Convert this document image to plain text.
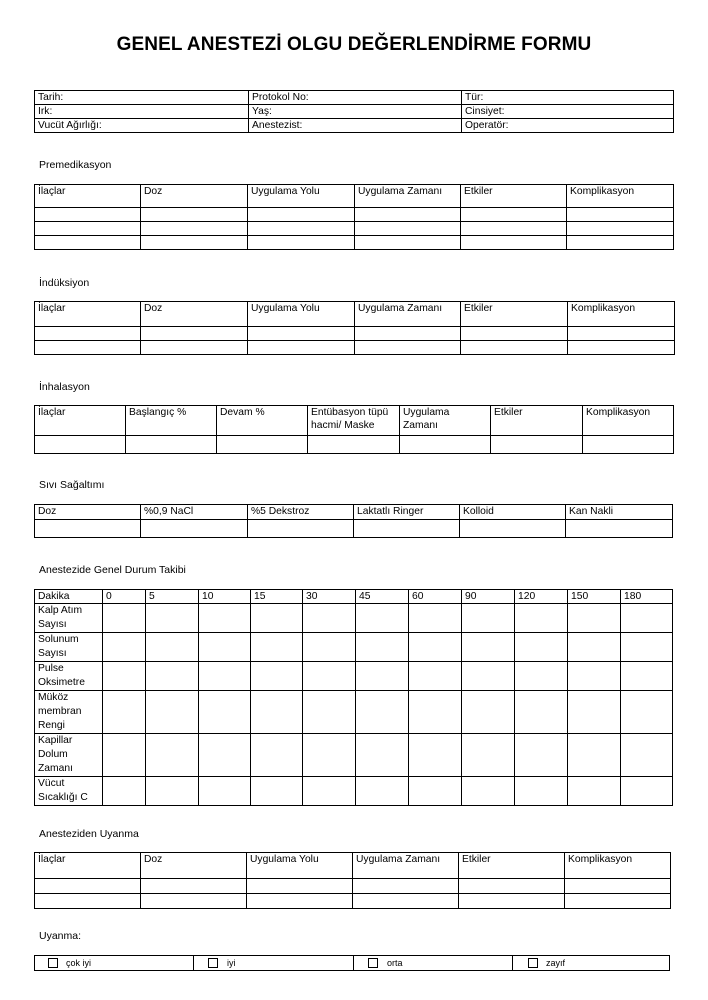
GENEL ANESTEZİ OLGU DEĞERLENDİRME FORMU
Tarih:	Protokol No:	Tür:
Irk:	Yaş:	Cinsiyet:
Vucüt Ağırlığı:	Anestezist:	Operatör:
Premedikasyon
İlaçlar	Doz	Uygulama Yolu	Uygulama Zamanı	Etkiler	Komplikasyon

İndüksiyon
İlaçlar	Doz	Uygulama Yolu	Uygulama Zamanı	Etkiler	Komplikasyon

İnhalasyon
İlaçlar	Başlangıç %	Devam %	Entübasyon tüpü hacmi/ Maske	Uygulama Zamanı	Etkiler	Komplikasyon

Sıvı Sağaltımı
Doz	%0,9 NaCl	%5 Dekstroz	Laktatlı Ringer	Kolloid	Kan Nakli

Anestezide Genel Durum Takibi
Dakika	0	5	10	15	30	45	60	90	120	150	180
Kalp Atım Sayısı											
Solunum Sayısı											
Pulse Oksimetre											
Müköz membran Rengi											
Kapillar Dolum Zamanı											
Vücut Sıcaklığı C											
Anesteziden Uyanma
İlaçlar	Doz	Uygulama Yolu	Uygulama Zamanı	Etkiler	Komplikasyon

Uyanma:
çok iyi	iyi	orta	zayıf
